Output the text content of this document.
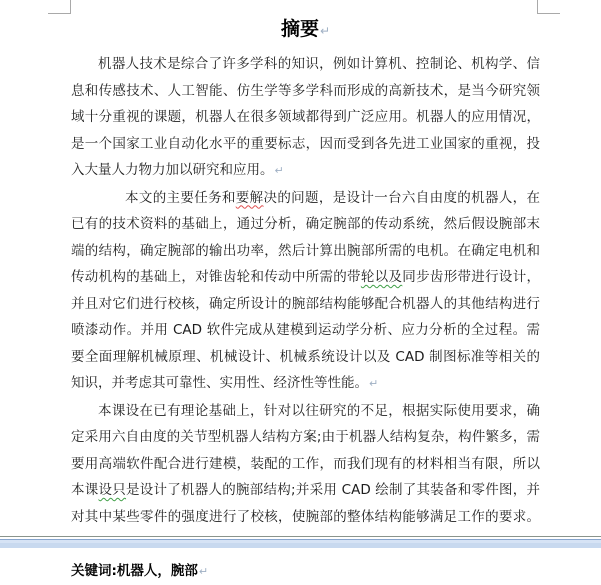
摘要↵

机器人技术是综合了许多学科的知识，例如计算机、控制论、机构学、信息和传感技术、人工智能、仿生学等多学科而形成的高新技术，是当今研究领域十分重视的课题，机器人在很多领域都得到广泛应用。机器人的应用情况，是一个国家工业自动化水平的重要标志，因而受到各先进工业国家的重视，投入大量人力物力加以研究和应用。↵

本文的主要任务和要解决的问题，是设计一台六自由度的机器人，在已有的技术资料的基础上，通过分析，确定腕部的传动系统，然后假设腕部末端的结构，确定腕部的输出功率，然后计算出腕部所需的电机。在确定电机和传动机构的基础上，对锥齿轮和传动中所需的带轮以及同步齿形带进行设计，并且对它们进行校核，确定所设计的腕部结构能够配合机器人的其他结构进行喷漆动作。并用 CAD 软件完成从建模到运动学分析、应力分析的全过程。需要全面理解机械原理、机械设计、机械系统设计以及 CAD 制图标准等相关的知识，并考虑其可靠性、实用性、经济性等性能。↵

本课设在已有理论基础上，针对以往研究的不足，根据实际使用要求，确定采用六自由度的关节型机器人结构方案;由于机器人结构复杂，构件繁多，需要用高端软件配合进行建模，装配的工作，而我们现有的材料相当有限，所以本课设只是设计了机器人的腕部结构;并采用 CAD 绘制了其装备和零件图，并对其中某些零件的强度进行了校核，使腕部的整体结构能够满足工作的要求。

关键词:机器人，腕部↵
